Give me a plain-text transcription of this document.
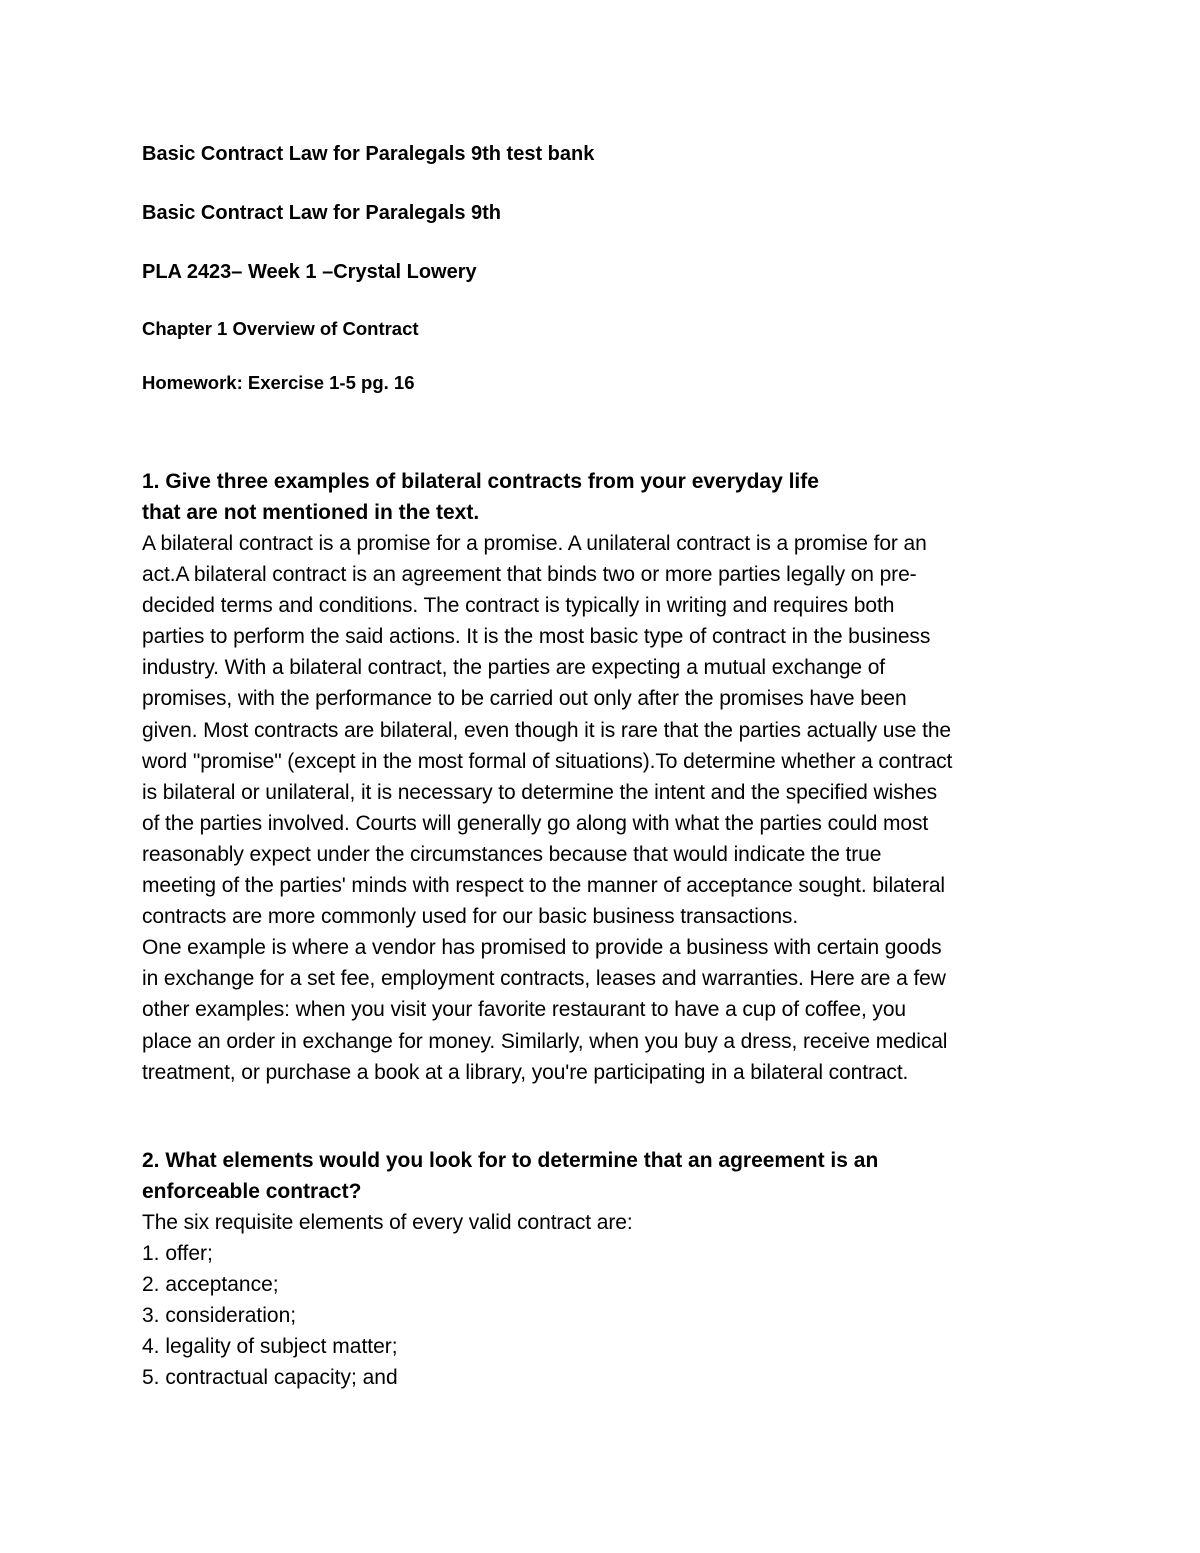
Basic Contract Law for Paralegals 9th test bank

Basic Contract Law for Paralegals 9th

PLA 2423– Week 1 –Crystal Lowery

Chapter 1 Overview of Contract

Homework: Exercise 1-5 pg. 16

1. Give three examples of bilateral contracts from your everyday life

that are not mentioned in the text.

A bilateral contract is a promise for a promise. A unilateral contract is a promise for an

act.A bilateral contract is an agreement that binds two or more parties legally on pre-

decided terms and conditions. The contract is typically in writing and requires both

parties to perform the said actions. It is the most basic type of contract in the business

industry. With a bilateral contract, the parties are expecting a mutual exchange of

promises, with the performance to be carried out only after the promises have been

given. Most contracts are bilateral, even though it is rare that the parties actually use the

word "promise" (except in the most formal of situations).To determine whether a contract

is bilateral or unilateral, it is necessary to determine the intent and the specified wishes

of the parties involved. Courts will generally go along with what the parties could most

reasonably expect under the circumstances because that would indicate the true

meeting of the parties' minds with respect to the manner of acceptance sought. bilateral

contracts are more commonly used for our basic business transactions.

One example is where a vendor has promised to provide a business with certain goods

in exchange for a set fee, employment contracts, leases and warranties. Here are a few

other examples: when you visit your favorite restaurant to have a cup of coffee, you

place an order in exchange for money. Similarly, when you buy a dress, receive medical

treatment, or purchase a book at a library, you're participating in a bilateral contract.

2. What elements would you look for to determine that an agreement is an

enforceable contract?

The six requisite elements of every valid contract are:

1. offer;
2. acceptance;
3. consideration;
4. legality of subject matter;
5. contractual capacity; and
